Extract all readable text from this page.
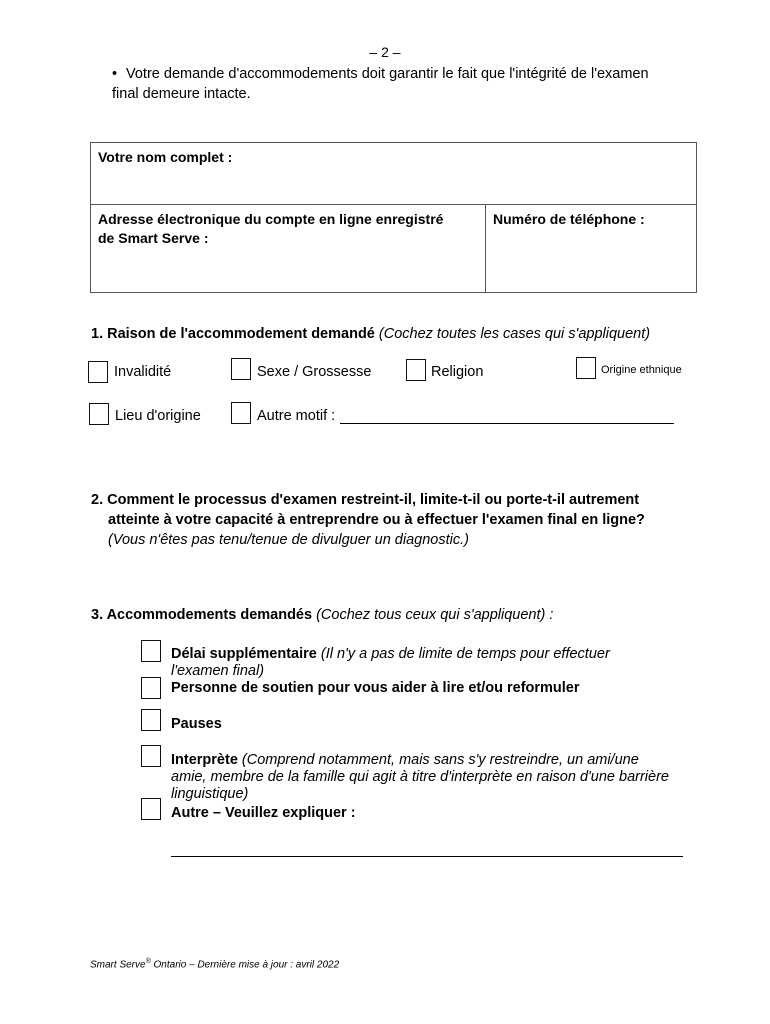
– 2 –
• Votre demande d'accommodements doit garantir le fait que l'intégrité de l'examen
final demeure intacte.
Votre nom complet :
Adresse électronique du compte en ligne enregistré
de Smart Serve :
Numéro de téléphone :
1. Raison de l'accommodement demandé (Cochez toutes les cases qui s'appliquent)
Invalidité	Sexe / Grossesse	Religion	Origine ethnique
Lieu d'origine	Autre motif :
2. Comment le processus d'examen restreint-il, limite-t-il ou porte-t-il autrement
atteinte à votre capacité à entreprendre ou à effectuer l'examen final en ligne?
(Vous n'êtes pas tenu/tenue de divulguer un diagnostic.)
3. Accommodements demandés (Cochez tous ceux qui s'appliquent) :
Délai supplémentaire (Il n'y a pas de limite de temps pour effectuer
l'examen final)
Personne de soutien pour vous aider à lire et/ou reformuler
Pauses
Interprète (Comprend notamment, mais sans s'y restreindre, un ami/une
amie, membre de la famille qui agit à titre d'interprète en raison d'une barrière
linguistique)
Autre – Veuillez expliquer :
Smart Serve® Ontario – Dernière mise à jour : avril 2022
